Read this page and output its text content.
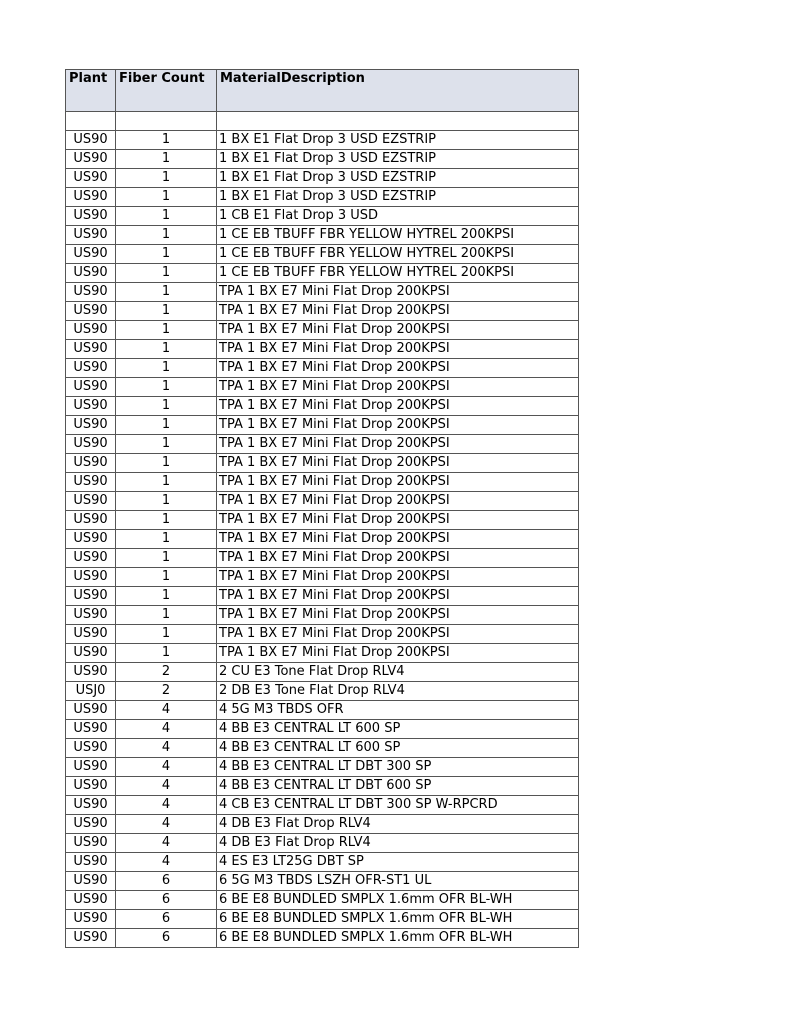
Plant	Fiber Count	MaterialDescription

US90	1	1 BX E1 Flat Drop 3 USD EZSTRIP
US90	1	1 BX E1 Flat Drop 3 USD EZSTRIP
US90	1	1 BX E1 Flat Drop 3 USD EZSTRIP
US90	1	1 BX E1 Flat Drop 3 USD EZSTRIP
US90	1	1 CB E1 Flat Drop 3 USD
US90	1	1 CE EB TBUFF FBR YELLOW HYTREL 200KPSI
US90	1	1 CE EB TBUFF FBR YELLOW HYTREL 200KPSI
US90	1	1 CE EB TBUFF FBR YELLOW HYTREL 200KPSI
US90	1	TPA 1 BX E7 Mini Flat Drop 200KPSI
US90	1	TPA 1 BX E7 Mini Flat Drop 200KPSI
US90	1	TPA 1 BX E7 Mini Flat Drop 200KPSI
US90	1	TPA 1 BX E7 Mini Flat Drop 200KPSI
US90	1	TPA 1 BX E7 Mini Flat Drop 200KPSI
US90	1	TPA 1 BX E7 Mini Flat Drop 200KPSI
US90	1	TPA 1 BX E7 Mini Flat Drop 200KPSI
US90	1	TPA 1 BX E7 Mini Flat Drop 200KPSI
US90	1	TPA 1 BX E7 Mini Flat Drop 200KPSI
US90	1	TPA 1 BX E7 Mini Flat Drop 200KPSI
US90	1	TPA 1 BX E7 Mini Flat Drop 200KPSI
US90	1	TPA 1 BX E7 Mini Flat Drop 200KPSI
US90	1	TPA 1 BX E7 Mini Flat Drop 200KPSI
US90	1	TPA 1 BX E7 Mini Flat Drop 200KPSI
US90	1	TPA 1 BX E7 Mini Flat Drop 200KPSI
US90	1	TPA 1 BX E7 Mini Flat Drop 200KPSI
US90	1	TPA 1 BX E7 Mini Flat Drop 200KPSI
US90	1	TPA 1 BX E7 Mini Flat Drop 200KPSI
US90	1	TPA 1 BX E7 Mini Flat Drop 200KPSI
US90	1	TPA 1 BX E7 Mini Flat Drop 200KPSI
US90	2	2 CU E3 Tone Flat Drop RLV4
USJ0	2	2 DB E3 Tone Flat Drop RLV4
US90	4	4 5G M3 TBDS OFR
US90	4	4 BB E3 CENTRAL LT 600 SP
US90	4	4 BB E3 CENTRAL LT 600 SP
US90	4	4 BB E3 CENTRAL LT DBT 300 SP
US90	4	4 BB E3 CENTRAL LT DBT 600 SP
US90	4	4 CB E3 CENTRAL LT DBT 300 SP W-RPCRD
US90	4	4 DB E3 Flat Drop RLV4
US90	4	4 DB E3 Flat Drop RLV4
US90	4	4 ES E3 LT25G DBT SP
US90	6	6 5G M3 TBDS LSZH OFR-ST1 UL
US90	6	6 BE E8 BUNDLED SMPLX 1.6mm OFR BL-WH
US90	6	6 BE E8 BUNDLED SMPLX 1.6mm OFR BL-WH
US90	6	6 BE E8 BUNDLED SMPLX 1.6mm OFR BL-WH
